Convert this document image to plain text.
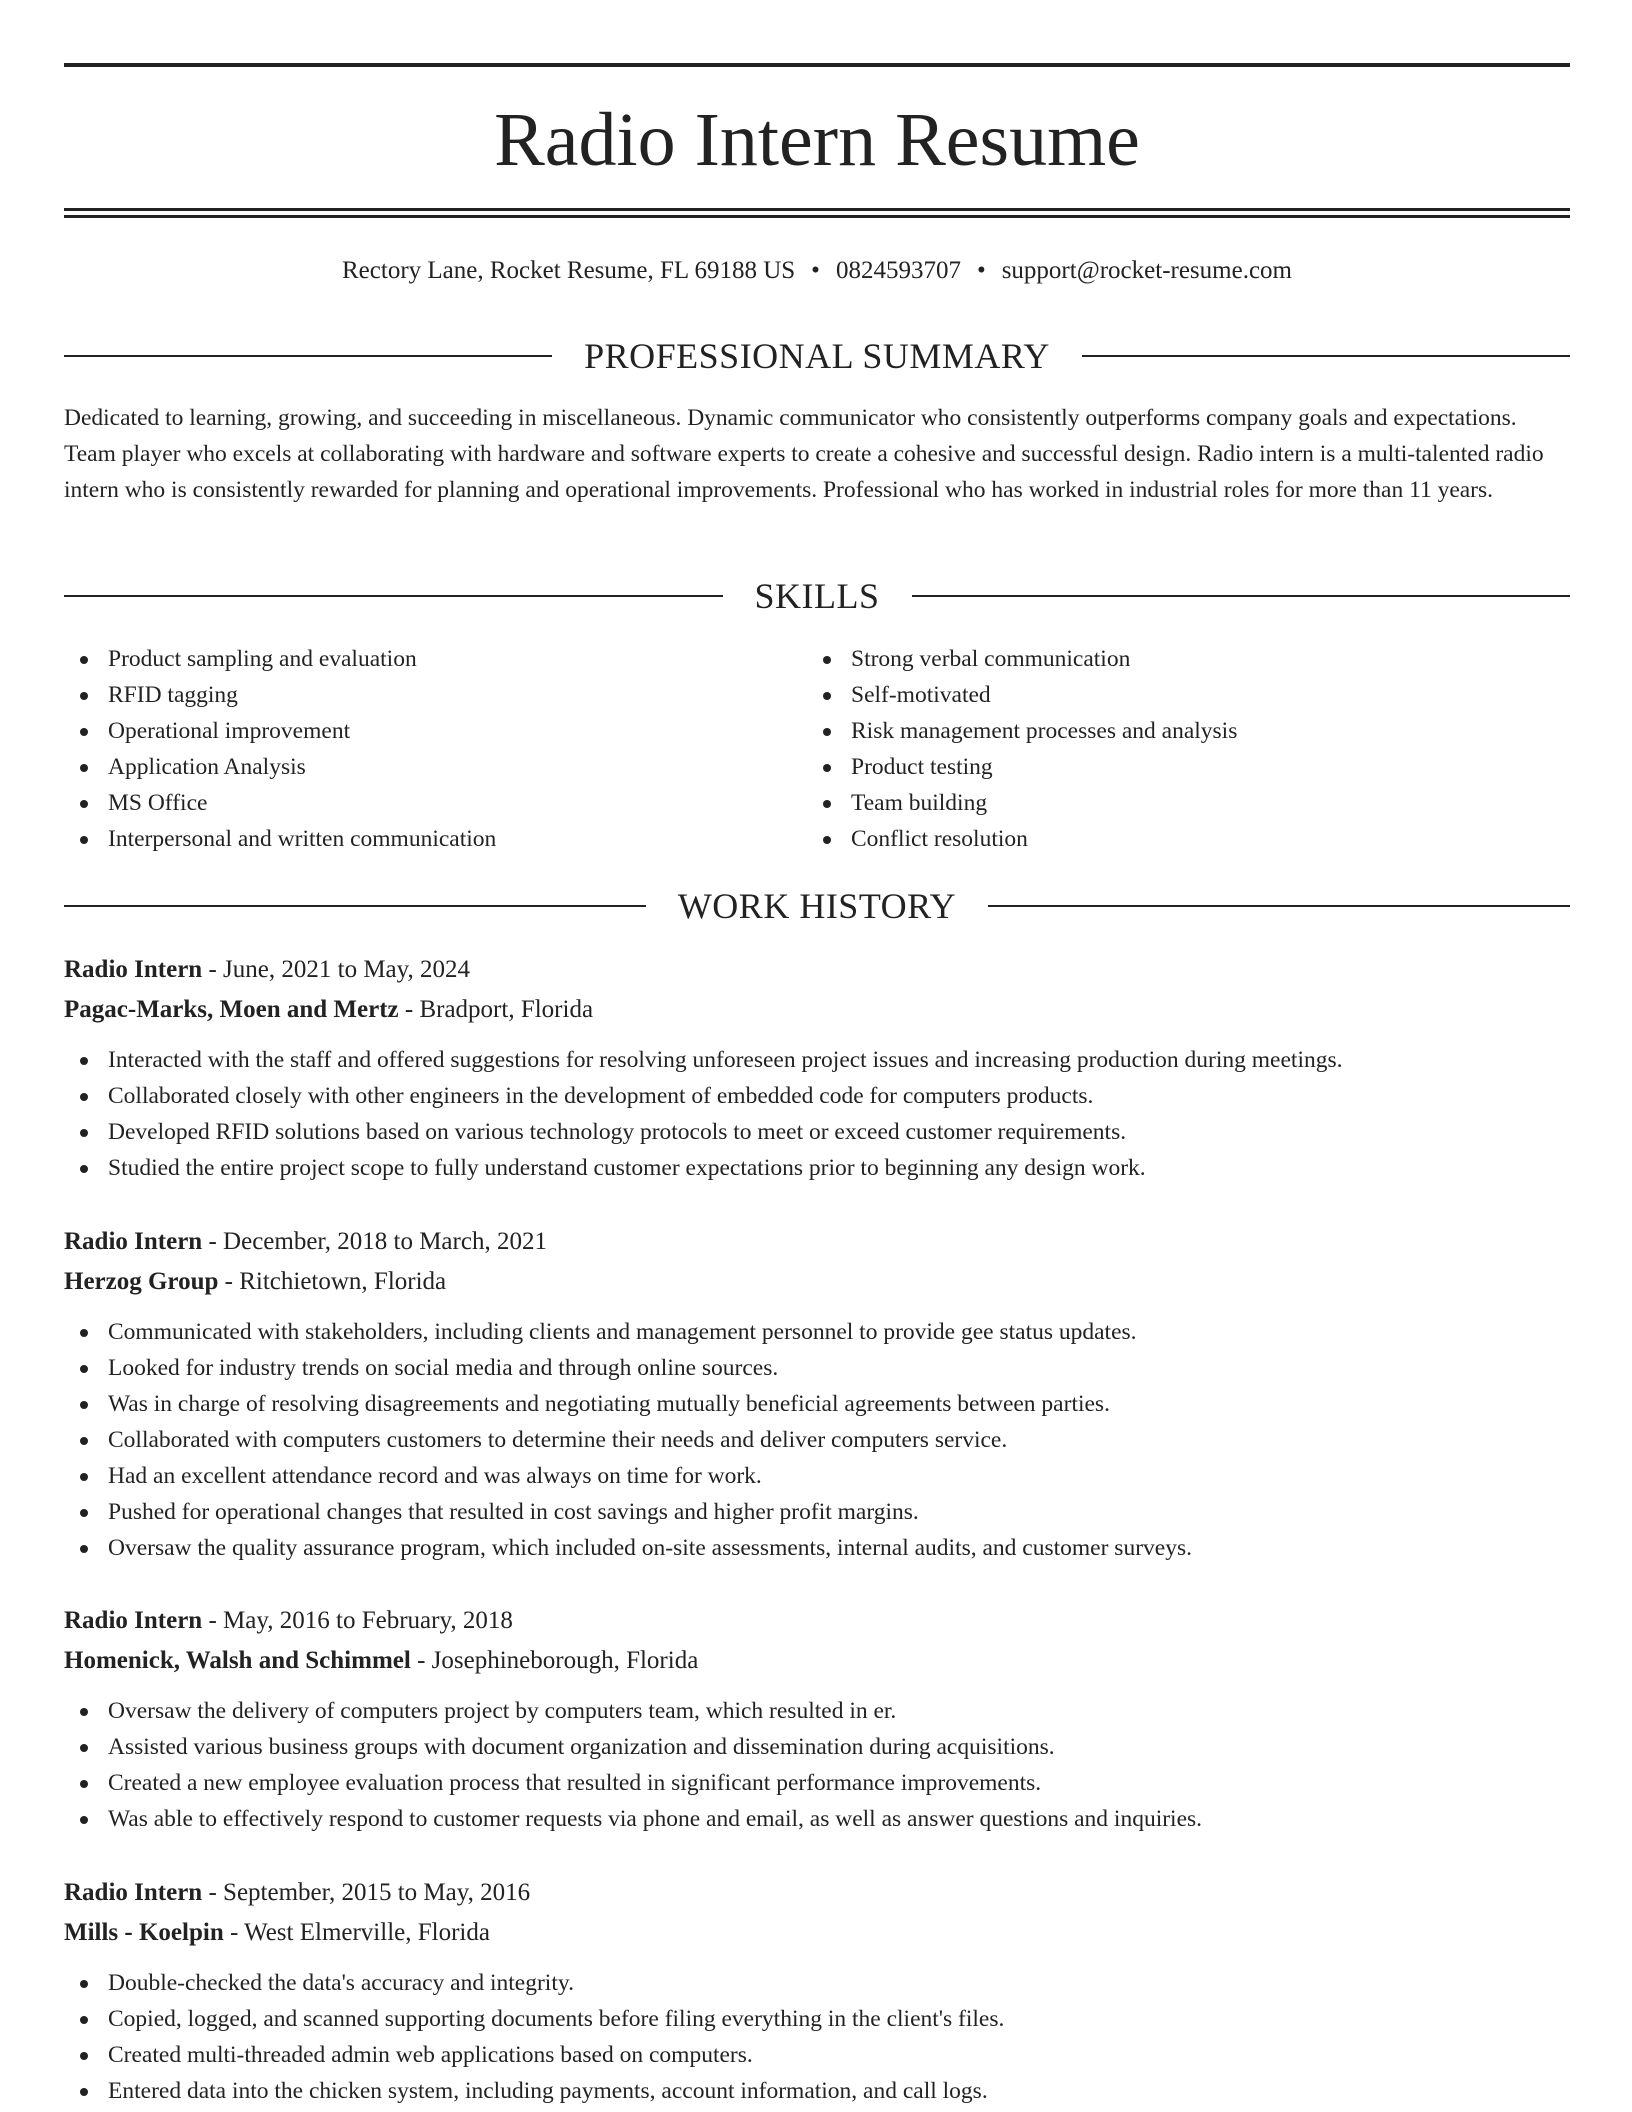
Radio Intern Resume
Rectory Lane, Rocket Resume, FL 69188 US • 0824593707 • support@rocket-resume.com
PROFESSIONAL SUMMARY

Dedicated to learning, growing, and succeeding in miscellaneous. Dynamic communicator who consistently outperforms company goals and expectations. Team player who excels at collaborating with hardware and software experts to create a cohesive and successful design. Radio intern is a multi-talented radio intern who is consistently rewarded for planning and operational improvements. Professional who has worked in industrial roles for more than 11 years.

SKILLS
Product sampling and evaluation
RFID tagging
Operational improvement
Application Analysis
MS Office
Interpersonal and written communication
Strong verbal communication
Self-motivated
Risk management processes and analysis
Product testing
Team building
Conflict resolution
WORK HISTORY
Radio Intern - June, 2021 to May, 2024
Pagac-Marks, Moen and Mertz - Bradport, Florida
Interacted with the staff and offered suggestions for resolving unforeseen project issues and increasing production during meetings.
Collaborated closely with other engineers in the development of embedded code for computers products.
Developed RFID solutions based on various technology protocols to meet or exceed customer requirements.
Studied the entire project scope to fully understand customer expectations prior to beginning any design work.
Radio Intern - December, 2018 to March, 2021
Herzog Group - Ritchietown, Florida
Communicated with stakeholders, including clients and management personnel to provide gee status updates.
Looked for industry trends on social media and through online sources.
Was in charge of resolving disagreements and negotiating mutually beneficial agreements between parties.
Collaborated with computers customers to determine their needs and deliver computers service.
Had an excellent attendance record and was always on time for work.
Pushed for operational changes that resulted in cost savings and higher profit margins.
Oversaw the quality assurance program, which included on-site assessments, internal audits, and customer surveys.
Radio Intern - May, 2016 to February, 2018
Homenick, Walsh and Schimmel - Josephineborough, Florida
Oversaw the delivery of computers project by computers team, which resulted in er.
Assisted various business groups with document organization and dissemination during acquisitions.
Created a new employee evaluation process that resulted in significant performance improvements.
Was able to effectively respond to customer requests via phone and email, as well as answer questions and inquiries.
Radio Intern - September, 2015 to May, 2016
Mills - Koelpin - West Elmerville, Florida
Double-checked the data's accuracy and integrity.
Copied, logged, and scanned supporting documents before filing everything in the client's files.
Created multi-threaded admin web applications based on computers.
Entered data into the chicken system, including payments, account information, and call logs.
